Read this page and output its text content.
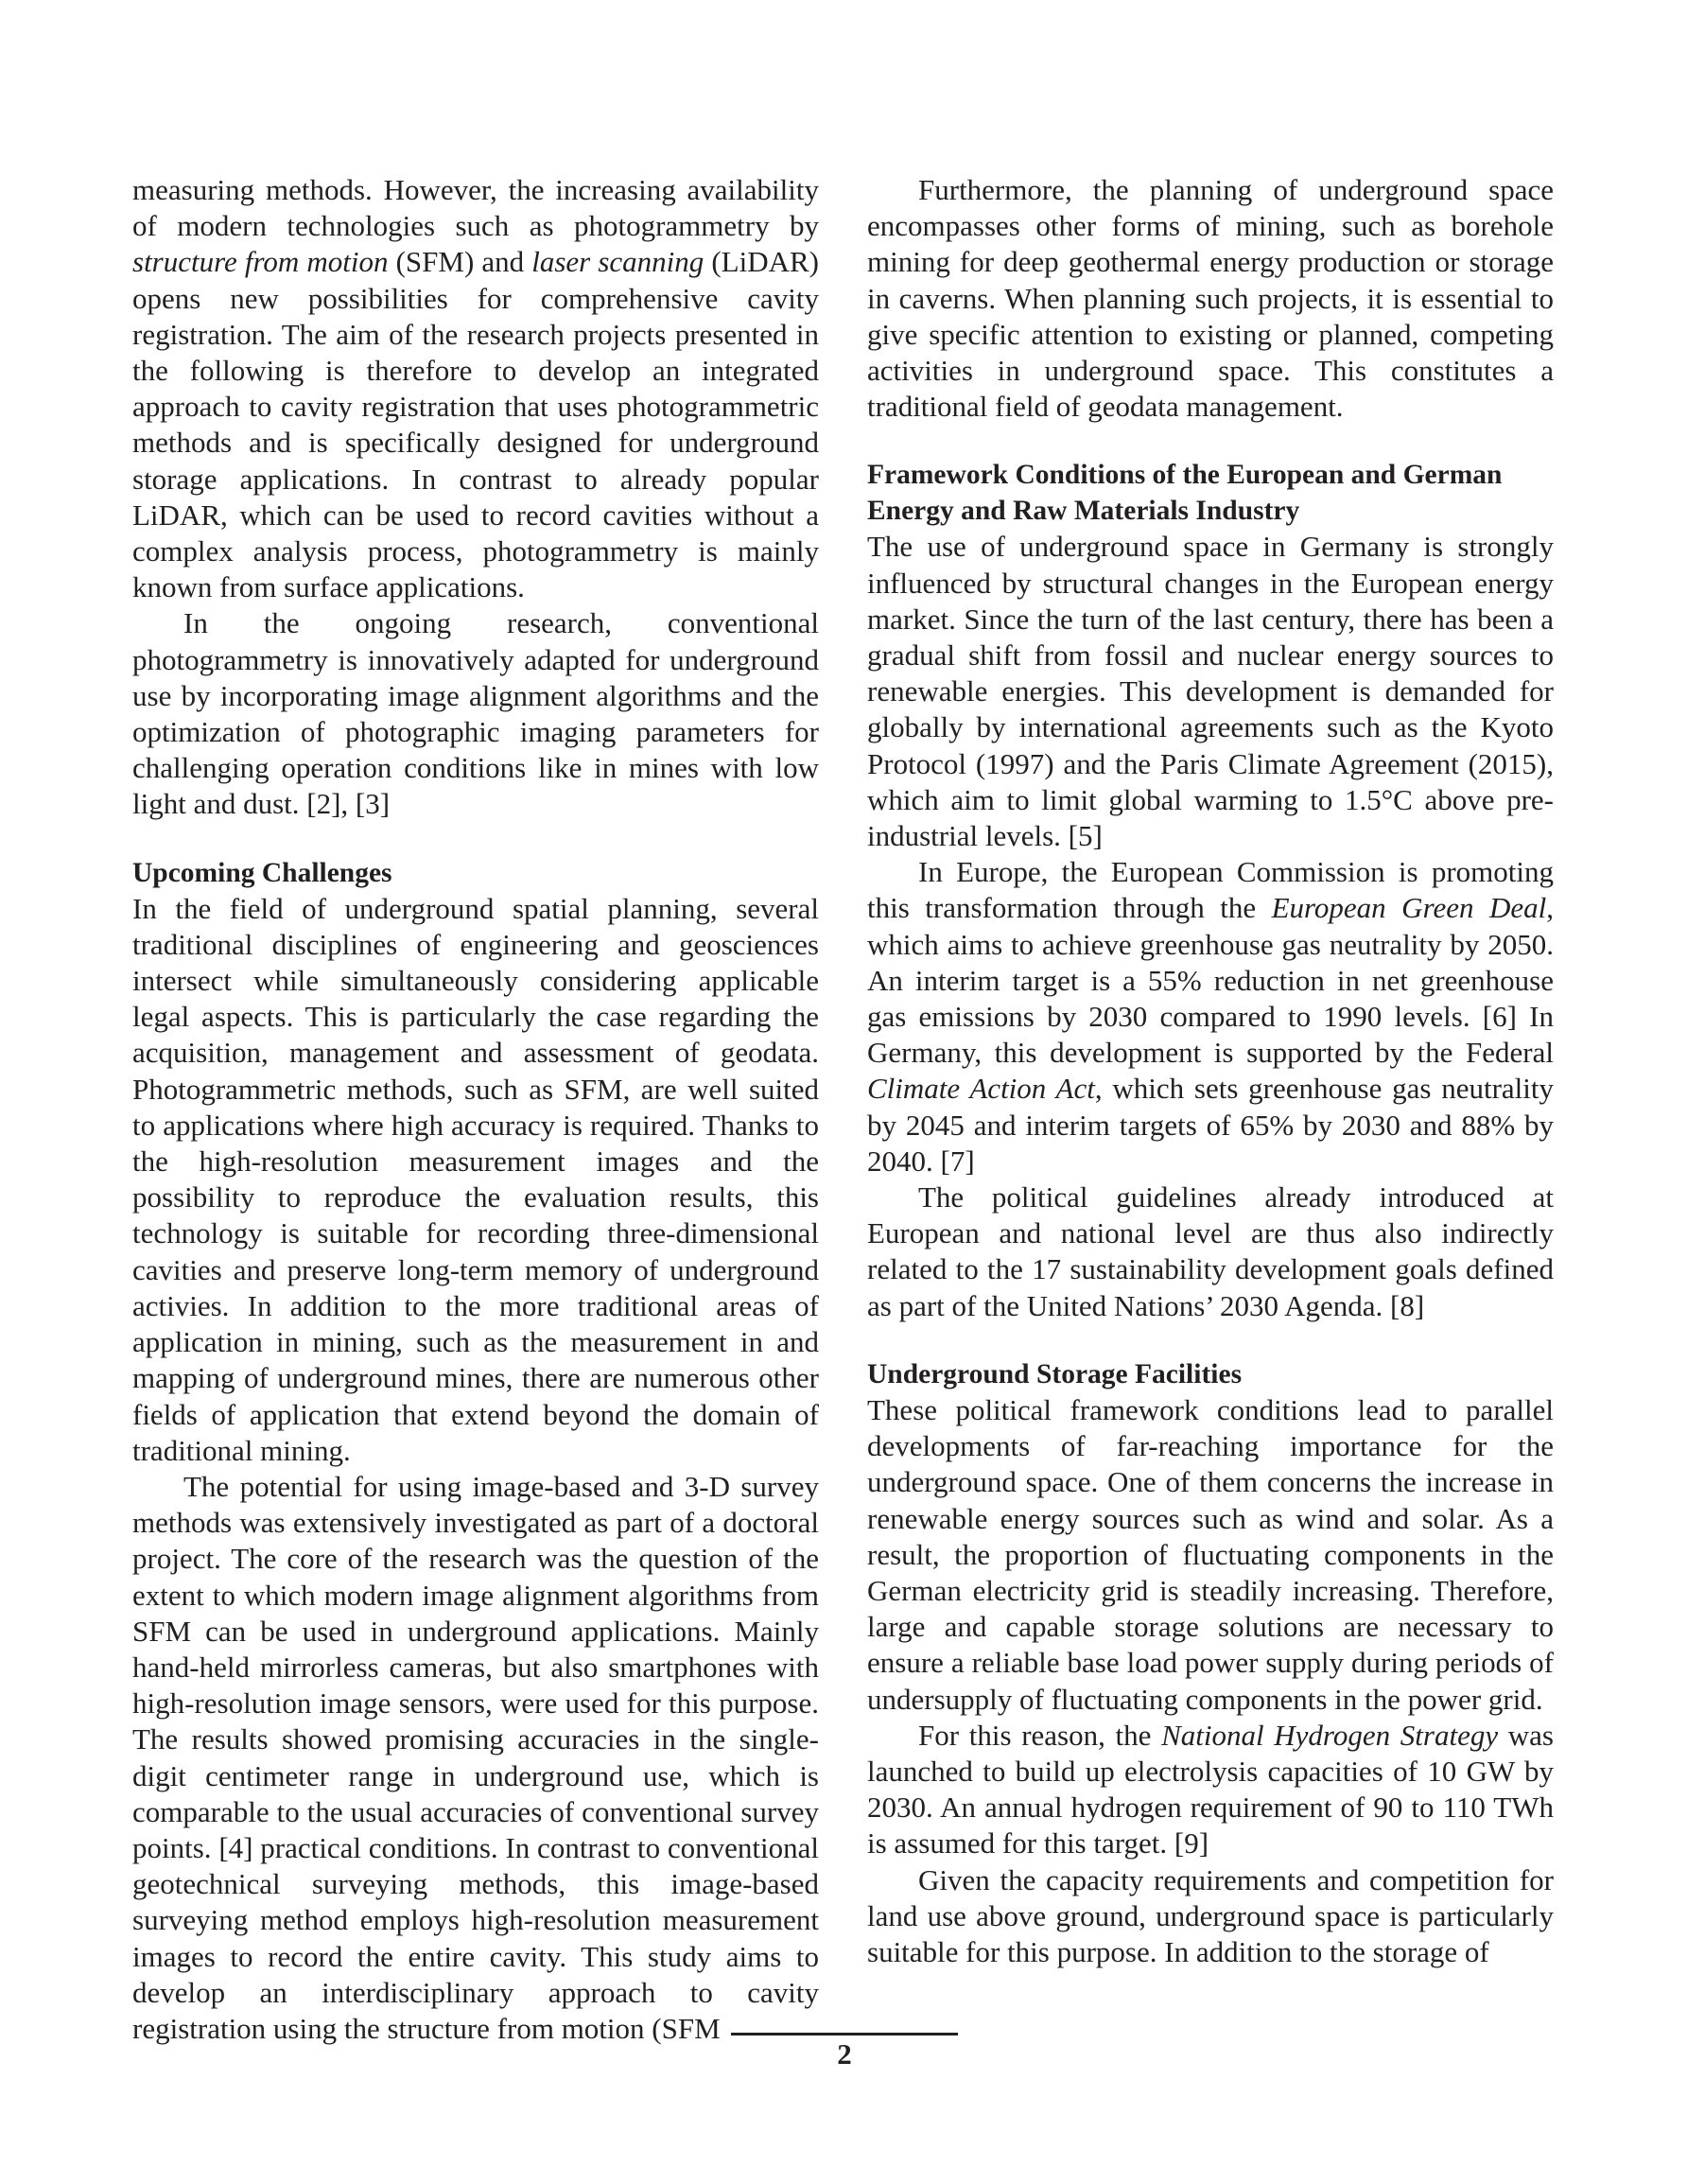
measuring methods. However, the increasing availability of modern technologies such as photogrammetry by structure from motion (SFM) and laser scanning (LiDAR) opens new possibilities for comprehensive cavity registration. The aim of the research projects presented in the following is therefore to develop an integrated approach to cavity registration that uses photogrammetric methods and is specifically designed for underground storage applications. In contrast to already popular LiDAR, which can be used to record cavities without a complex analysis process, photogrammetry is mainly known from surface applications.

In the ongoing research, conventional photogrammetry is innovatively adapted for underground use by incorporating image alignment algorithms and the optimization of photographic imaging parameters for challenging operation conditions like in mines with low light and dust. [2], [3]

Upcoming Challenges

In the field of underground spatial planning, several traditional disciplines of engineering and geosciences intersect while simultaneously considering applicable legal aspects. This is particularly the case regarding the acquisition, management and assessment of geodata. Photogrammetric methods, such as SFM, are well suited to applications where high accuracy is required. Thanks to the high-resolution measurement images and the possibility to reproduce the evaluation results, this technology is suitable for recording three-dimensional cavities and preserve long-term memory of underground activies. In addition to the more traditional areas of application in mining, such as the measurement in and mapping of underground mines, there are numerous other fields of application that extend beyond the domain of traditional mining.

The potential for using image-based and 3-D survey methods was extensively investigated as part of a doctoral project. The core of the research was the question of the extent to which modern image alignment algorithms from SFM can be used in underground applications. Mainly hand-held mirrorless cameras, but also smartphones with high-resolution image sensors, were used for this purpose. The results showed promising accuracies in the single-digit centimeter range in underground use, which is comparable to the usual accuracies of conventional survey points. [4] practical conditions. In contrast to conventional geotechnical surveying methods, this image-based surveying method employs high-resolution measurement images to record the entire cavity. This study aims to develop an interdisciplinary approach to cavity registration using the structure from motion (SFM

Furthermore, the planning of underground space encompasses other forms of mining, such as borehole mining for deep geothermal energy production or storage in caverns. When planning such projects, it is essential to give specific attention to existing or planned, competing activities in underground space. This constitutes a traditional field of geodata management.

Framework Conditions of the European and German Energy and Raw Materials Industry

The use of underground space in Germany is strongly influenced by structural changes in the European energy market. Since the turn of the last century, there has been a gradual shift from fossil and nuclear energy sources to renewable energies. This development is demanded for globally by international agreements such as the Kyoto Protocol (1997) and the Paris Climate Agreement (2015), which aim to limit global warming to 1.5°C above pre-industrial levels. [5]

In Europe, the European Commission is promoting this transformation through the European Green Deal, which aims to achieve greenhouse gas neutrality by 2050. An interim target is a 55% reduction in net greenhouse gas emissions by 2030 compared to 1990 levels. [6] In Germany, this development is supported by the Federal Climate Action Act, which sets greenhouse gas neutrality by 2045 and interim targets of 65% by 2030 and 88% by 2040. [7]

The political guidelines already introduced at European and national level are thus also indirectly related to the 17 sustainability development goals defined as part of the United Nations’ 2030 Agenda. [8]

Underground Storage Facilities

These political framework conditions lead to parallel developments of far-reaching importance for the underground space. One of them concerns the increase in renewable energy sources such as wind and solar. As a result, the proportion of fluctuating components in the German electricity grid is steadily increasing. Therefore, large and capable storage solutions are necessary to ensure a reliable base load power supply during periods of undersupply of fluctuating components in the power grid.

For this reason, the National Hydrogen Strategy was launched to build up electrolysis capacities of 10 GW by 2030. An annual hydrogen requirement of 90 to 110 TWh is assumed for this target. [9]

Given the capacity requirements and competition for land use above ground, underground space is particularly suitable for this purpose. In addition to the storage of

2
